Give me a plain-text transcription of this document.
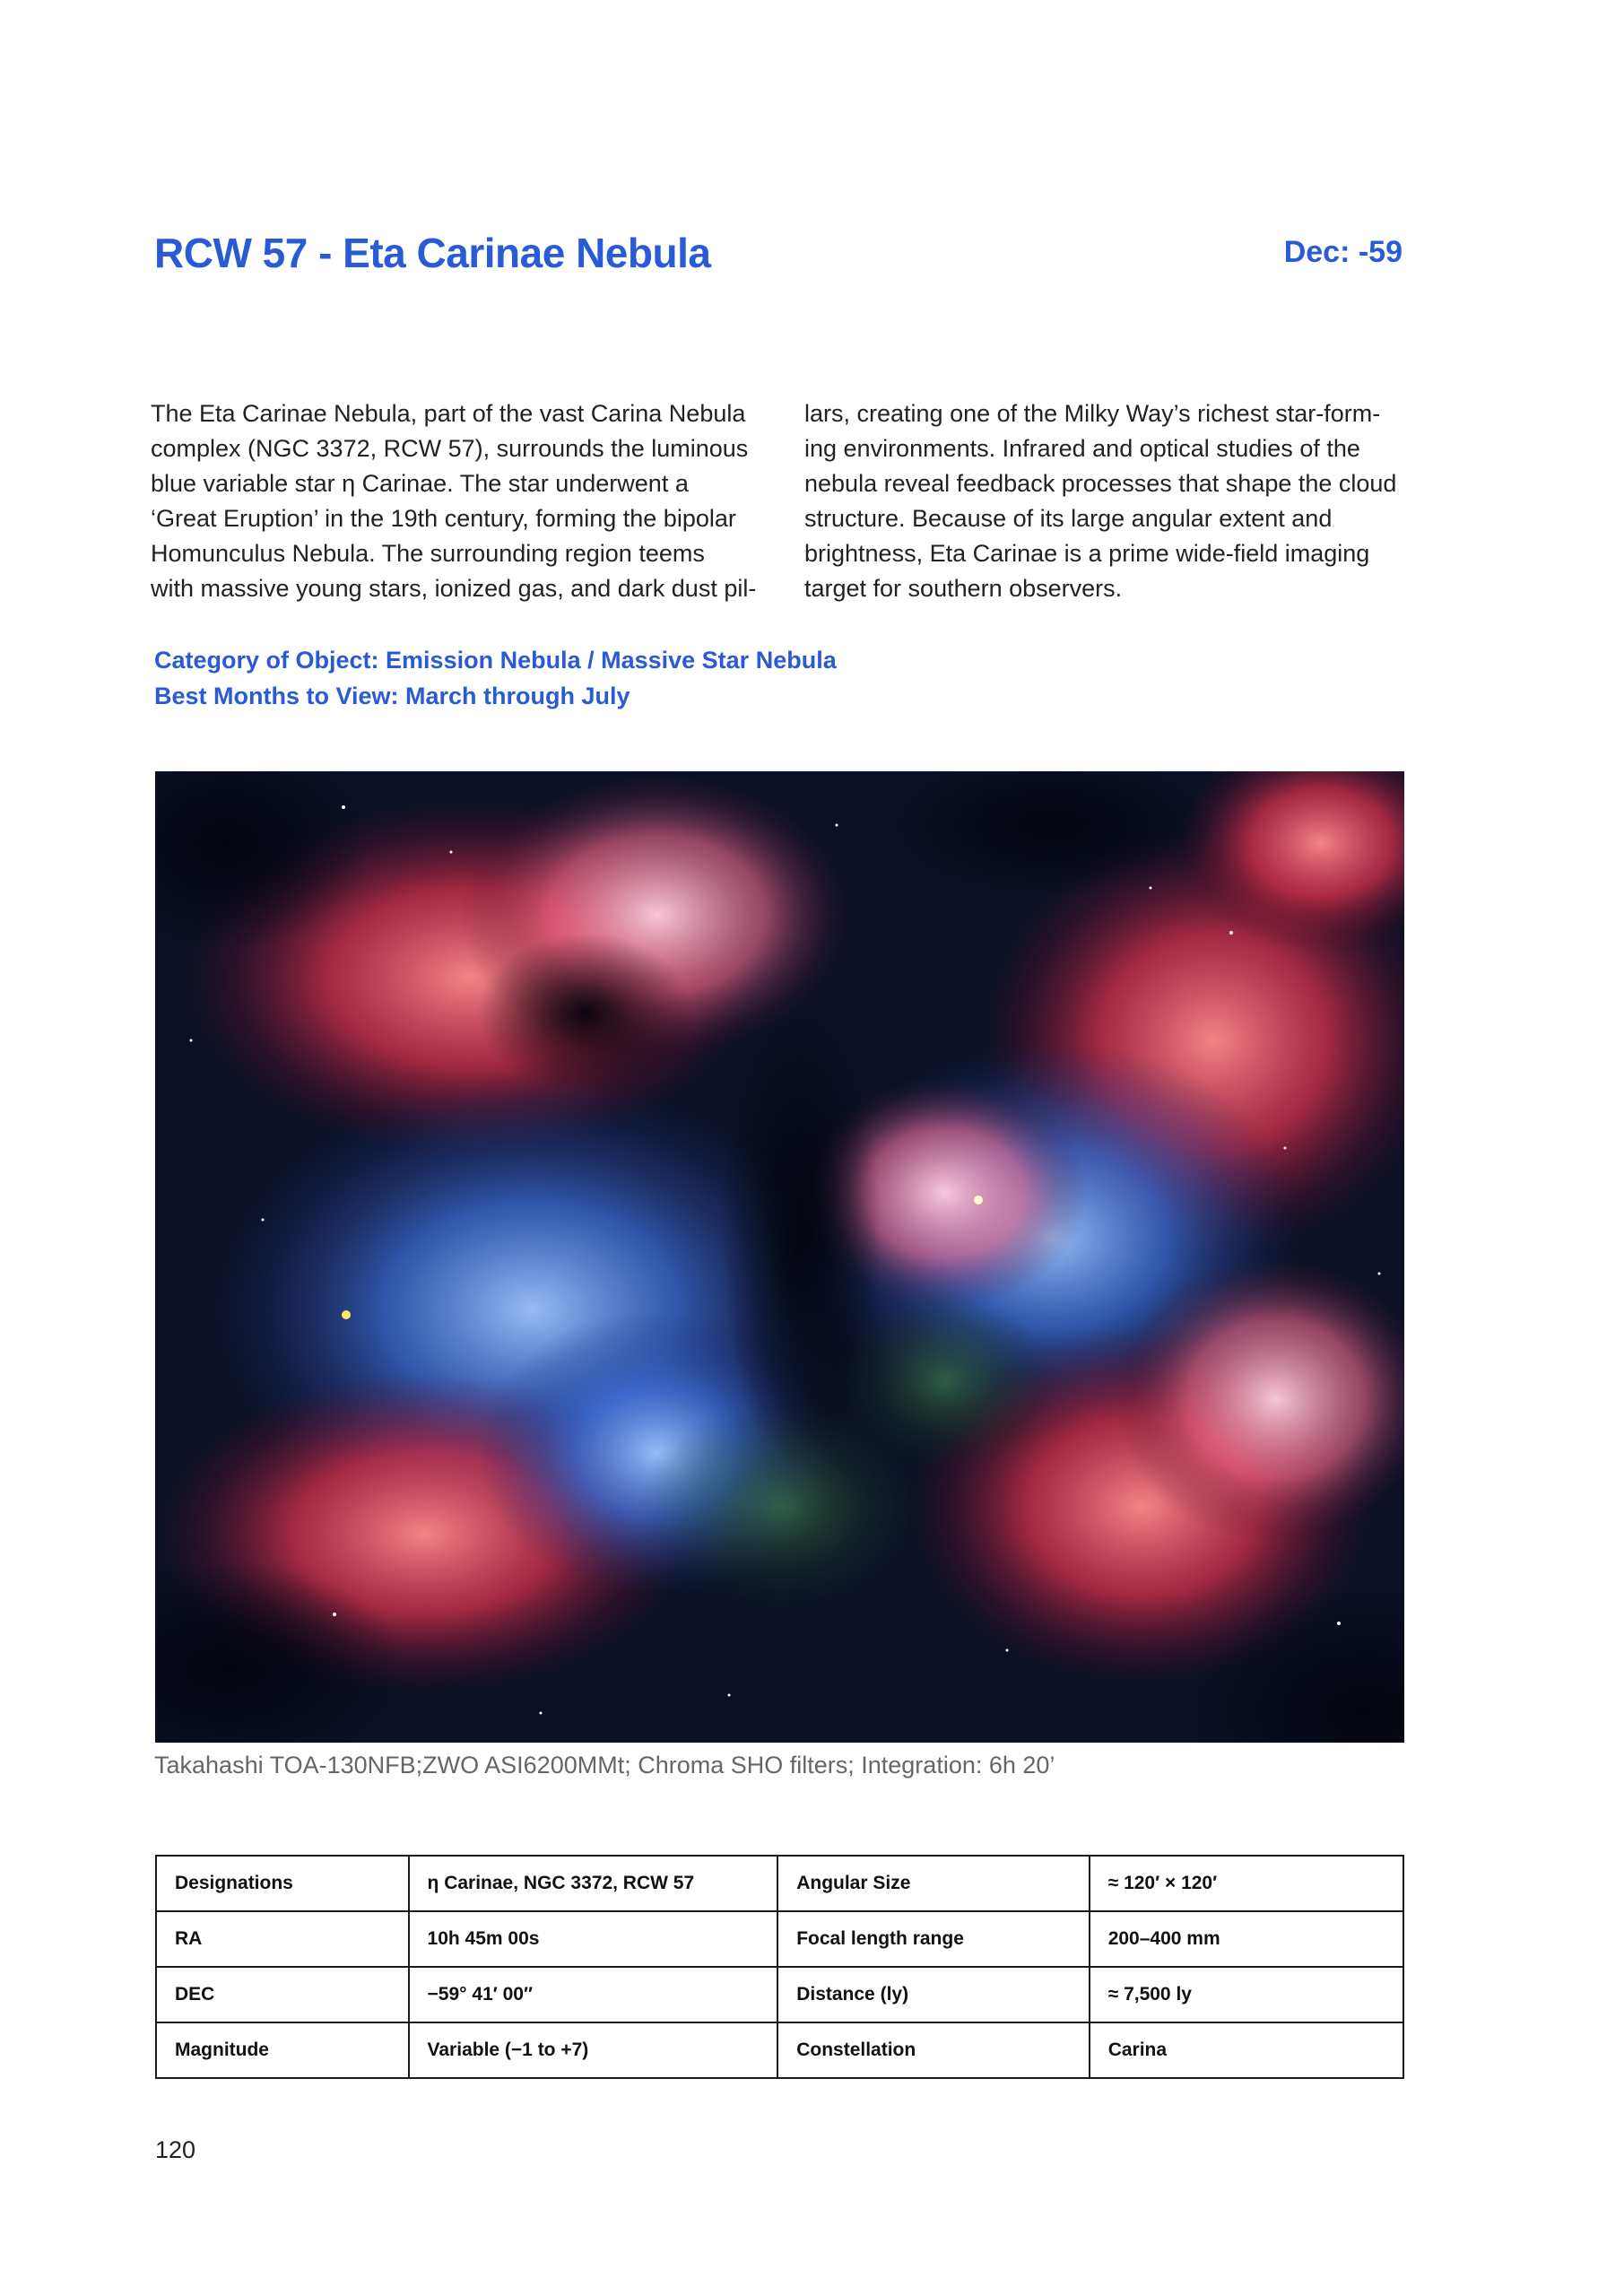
RCW 57 - Eta Carinae Nebula	Dec: -59

The Eta Carinae Nebula, part of the vast Carina Nebula

complex (NGC 3372, RCW 57), surrounds the luminous

blue variable star η Carinae. The star underwent a

‘Great Eruption’ in the 19th century, forming the bipolar

Homunculus Nebula. The surrounding region teems

with massive young stars, ionized gas, and dark dust pil-

lars, creating one of the Milky Way’s richest star-form-

ing environments. Infrared and optical studies of the

nebula reveal feedback processes that shape the cloud

structure. Because of its large angular extent and

brightness, Eta Carinae is a prime wide-field imaging

target for southern observers.

Category of Object: Emission Nebula / Massive Star Nebula
Best Months to View: March through July
Takahashi TOA-130NFB;ZWO ASI6200MMt; Chroma SHO filters; Integration: 6h 20’
Designations	η Carinae, NGC 3372, RCW 57	Angular Size	≈ 120′ × 120′
RA	10h 45m 00s	Focal length range	200–400 mm
DEC	−59° 41′ 00″	Distance (ly)	≈ 7,500 ly
Magnitude	Variable (−1 to +7)	Constellation	Carina
120
